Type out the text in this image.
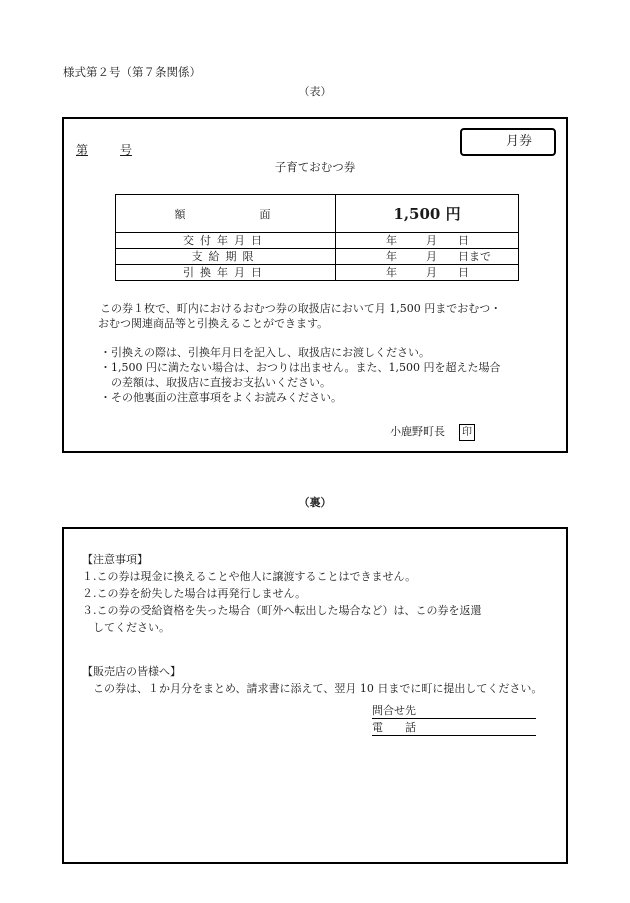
様式第２号（第７条関係）
（表）
第	号
月券
子育ておむつ券
額　　　　面	1,500 円
交付年月日	年 月 日

支給期限	年 月 日まで

引換年月日	年 月 日
この券１枚で、町内におけるおむつ券の取扱店において月 1,500 円までおむつ・
おむつ関連商品等と引換えることができます。
・引換えの際は、引換年月日を記入し、取扱店にお渡しください。
・1,500 円に満たない場合は、おつりは出ません。また、1,500 円を超えた場合
　の差額は、取扱店に直接お支払いください。
・その他裏面の注意事項をよくお読みください。
小鹿野町長 印
（裏）
【注意事項】
１.この券は現金に換えることや他人に譲渡することはできません。
２.この券を紛失した場合は再発行しません。
３.この券の受給資格を失った場合（町外へ転出した場合など）は、この券を返還
　してください。
【販売店の皆様へ】
　この券は、１か月分をまとめ、請求書に添えて、翌月 10 日までに町に提出してください。
問合せ先
電　　話
